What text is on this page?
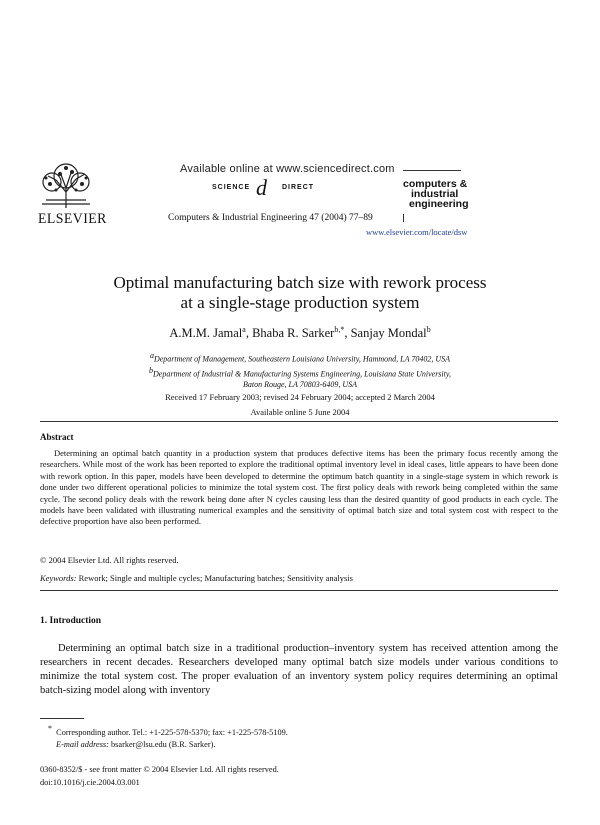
Available online at www.sciencedirect.com
SCIENCE d DIRECT
Computers & Industrial Engineering 47 (2004) 77–89
ELSEVIER
computers &
industrial
engineering
www.elsevier.com/locate/dsw
Optimal manufacturing batch size with rework process
at a single-stage production system
A.M.M. Jamal$^a$, Bhaba R. Sarker$^{b,*}$, Sanjay Mondal$^b$
$^a$Department of Management, Southeastern Louisiana University, Hammond, LA 70402, USA
$^b$Department of Industrial & Manufacturing Systems Engineering, Louisiana State University,
Baton Rouge, LA 70803-6409, USA
Received 17 February 2003; revised 24 February 2004; accepted 2 March 2004
Available online 5 June 2004
Abstract
Determining an optimal batch quantity in a production system that produces defective items has been the primary focus recently among the researchers. While most of the work has been reported to explore the traditional optimal inventory level in ideal cases, little appears to have been done with rework option. In this paper, models have been developed to determine the optimum batch quantity in a single-stage system in which rework is done under two different operational policies to minimize the total system cost. The first policy deals with rework being completed within the same cycle. The second policy deals with the rework being done after N cycles causing less than the desired quantity of good products in each cycle. The models have been validated with illustrating numerical examples and the sensitivity of optimal batch size and total system cost with respect to the defective proportion have also been performed.
© 2004 Elsevier Ltd. All rights reserved.
Keywords: Rework; Single and multiple cycles; Manufacturing batches; Sensitivity analysis
1. Introduction
Determining an optimal batch size in a traditional production–inventory system has received attention among the researchers in recent decades. Researchers developed many optimal batch size models under various conditions to minimize the total system cost. The proper evaluation of an inventory system policy requires determining an optimal batch-sizing model along with inventory
* Corresponding author. Tel.: +1-225-578-5370; fax: +1-225-578-5109.
E-mail address: bsarker@lsu.edu (B.R. Sarker).
0360-8352/$ - see front matter © 2004 Elsevier Ltd. All rights reserved.
doi:10.1016/j.cie.2004.03.001
